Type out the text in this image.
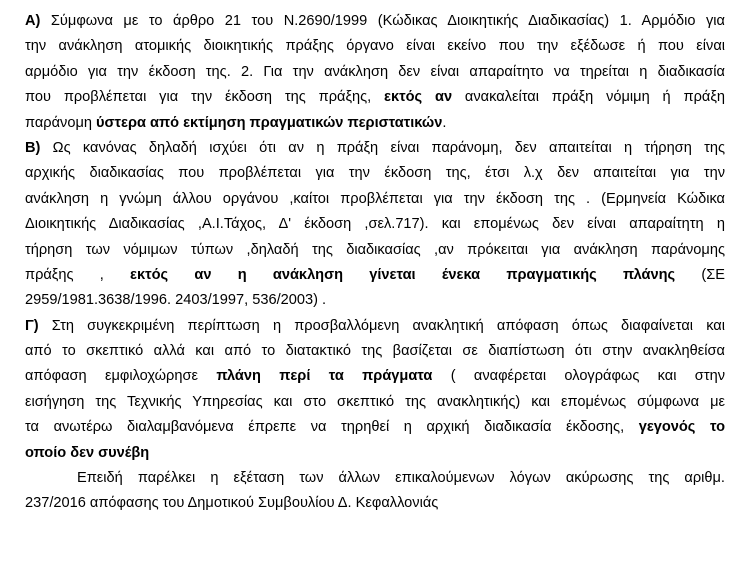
Α) Σύμφωνα με το άρθρο 21 του Ν.2690/1999 (Κώδικας Διοικητικής Διαδικασίας) 1. Αρμόδιο για
την ανάκληση ατομικής διοικητικής πράξης όργανο είναι εκείνο που την εξέδωσε ή που είναι
αρμόδιο για την έκδοση της. 2. Για την ανάκληση δεν είναι απαραίτητο να τηρείται η διαδικασία
που προβλέπεται για την έκδοση της πράξης, εκτός αν ανακαλείται πράξη νόμιμη ή πράξη
παράνομη ύστερα από εκτίμηση πραγματικών περιστατικών.
Β) Ως κανόνας δηλαδή ισχύει ότι αν η πράξη είναι παράνομη, δεν απαιτείται η τήρηση της
αρχικής διαδικασίας που προβλέπεται για την έκδοση της, έτσι λ.χ δεν απαιτείται για την
ανάκληση η γνώμη άλλου οργάνου ,καίτοι προβλέπεται για την έκδοση της . (Ερμηνεία Κώδικα
Διοικητικής Διαδικασίας ,Α.Ι.Τάχος, Δ' έκδοση ,σελ.717). και επομένως δεν είναι απαραίτητη η
τήρηση των νόμιμων τύπων ,δηλαδή της διαδικασίας ,αν πρόκειται για ανάκληση παράνομης
πράξης , εκτός αν η ανάκληση γίνεται ένεκα πραγματικής πλάνης (ΣΕ
2959/1981.3638/1996. 2403/1997, 536/2003) .
Γ) Στη συγκεκριμένη περίπτωση η προσβαλλόμενη ανακλητική απόφαση όπως διαφαίνεται και
από το σκεπτικό αλλά και από το διατακτικό της βασίζεται σε διαπίστωση ότι στην ανακληθείσα
απόφαση εμφιλοχώρησε πλάνη περί τα πράγματα ( αναφέρεται ολογράφως και στην
εισήγηση της Τεχνικής Υπηρεσίας και στο σκεπτικό της ανακλητικής) και επομένως σύμφωνα με
τα ανωτέρω διαλαμβανόμενα έπρεπε να τηρηθεί η αρχική διαδικασία έκδοσης, γεγονός το
οποίο δεν συνέβη
Επειδή παρέλκει η εξέταση των άλλων επικαλούμενων λόγων ακύρωσης της αριθμ.
237/2016 απόφασης του Δημοτικού Συμβουλίου Δ. Κεφαλλονιάς
